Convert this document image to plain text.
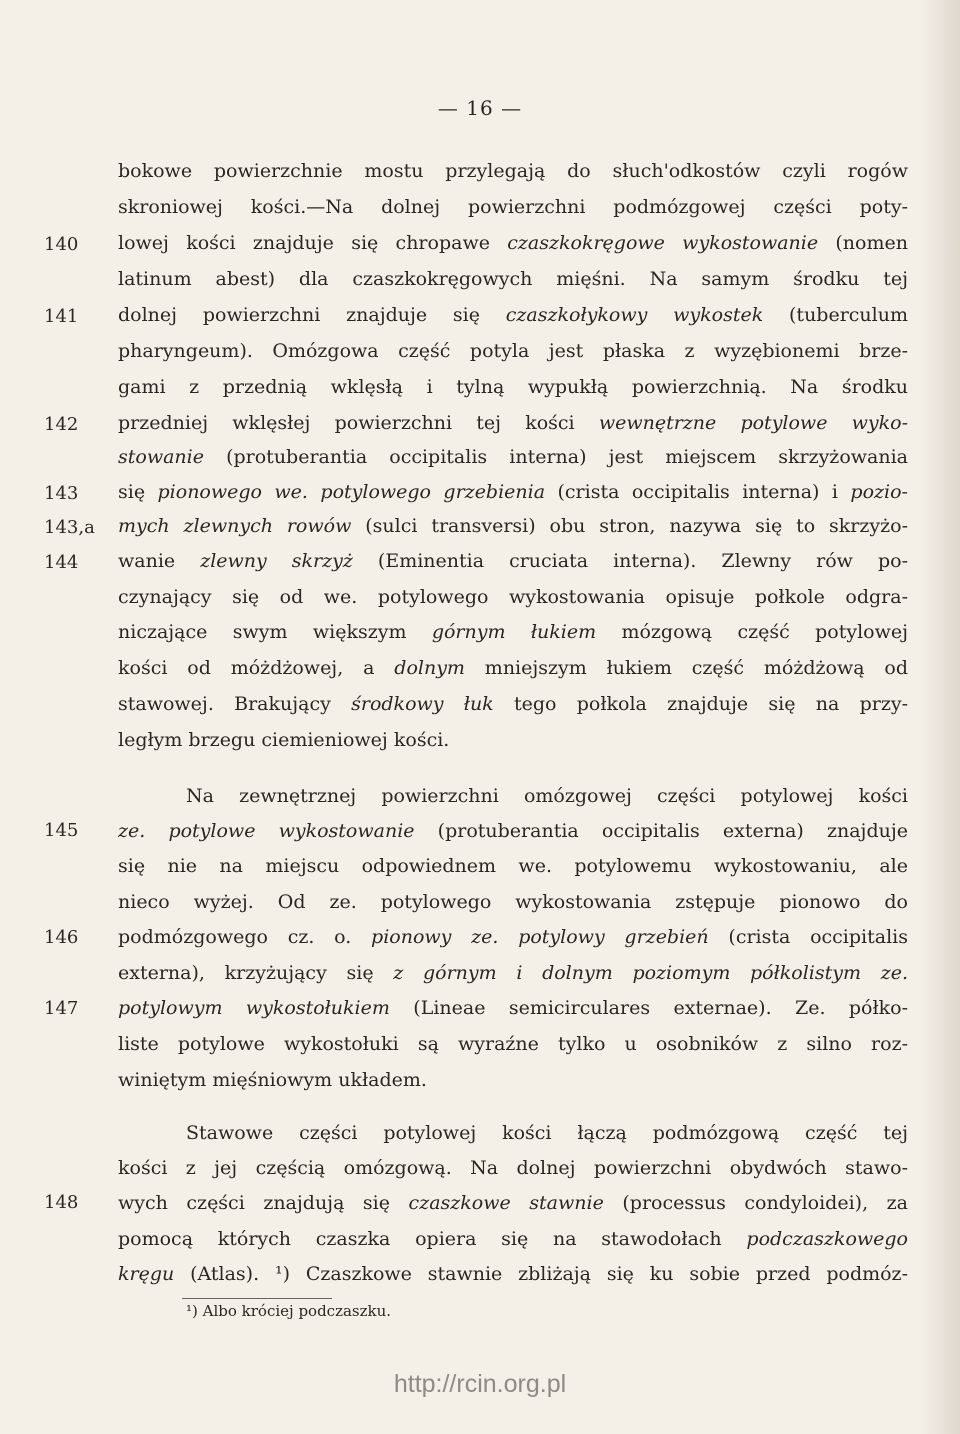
— 16 —
140
141
142
143
143,a
144
145
146
147
148
bokowe powierzchnie mostu przylegają do słuch'odkostów czyli rogów
skroniowej kości.—Na dolnej powierzchni podmózgowej części poty-
lowej kości znajduje się chropawe czaszkokręgowe wykostowanie (nomen
latinum abest) dla czaszkokręgowych mięśni. Na samym środku tej
dolnej powierzchni znajduje się czaszkołykowy wykostek (tuberculum
pharyngeum). Omózgowa część potyla jest płaska z wyzębionemi brze-
gami z przednią wklęsłą i tylną wypukłą powierzchnią. Na środku
przedniej wklęsłej powierzchni tej kości wewnętrzne potylowe wyko-
stowanie (protuberantia occipitalis interna) jest miejscem skrzyżowania
się pionowego we. potylowego grzebienia (crista occipitalis interna) i pozio-
mych zlewnych rowów (sulci transversi) obu stron, nazywa się to skrzyżo-
wanie zlewny skrzyż (Eminentia cruciata interna). Zlewny rów po-
czynający się od we. potylowego wykostowania opisuje połkole odgra-
niczające swym większym górnym łukiem mózgową część potylowej
kości od móżdżowej, a dolnym mniejszym łukiem część móżdżową od
stawowej. Brakujący środkowy łuk tego połkola znajduje się na przy-
ległym brzegu ciemieniowej kości.
Na zewnętrznej powierzchni omózgowej części potylowej kości
ze. potylowe wykostowanie (protuberantia occipitalis externa) znajduje
się nie na miejscu odpowiednem we. potylowemu wykostowaniu, ale
nieco wyżej. Od ze. potylowego wykostowania zstępuje pionowo do
podmózgowego cz. o. pionowy ze. potylowy grzebień (crista occipitalis
externa), krzyżujący się z górnym i dolnym poziomym półkolistym ze.
potylowym wykostołukiem (Lineae semicirculares externae). Ze. półko-
liste potylowe wykostołuki są wyraźne tylko u osobników z silno roz-
winiętym mięśniowym układem.
Stawowe części potylowej kości łączą podmózgową część tej
kości z jej częścią omózgową. Na dolnej powierzchni obydwóch stawo-
wych części znajdują się czaszkowe stawnie (processus condyloidei), za
pomocą których czaszka opiera się na stawodołach podczaszkowego
kręgu (Atlas). ¹) Czaszkowe stawnie zbliżają się ku sobie przed podmóz-
¹) Albo króciej podczaszku.
http://rcin.org.pl
